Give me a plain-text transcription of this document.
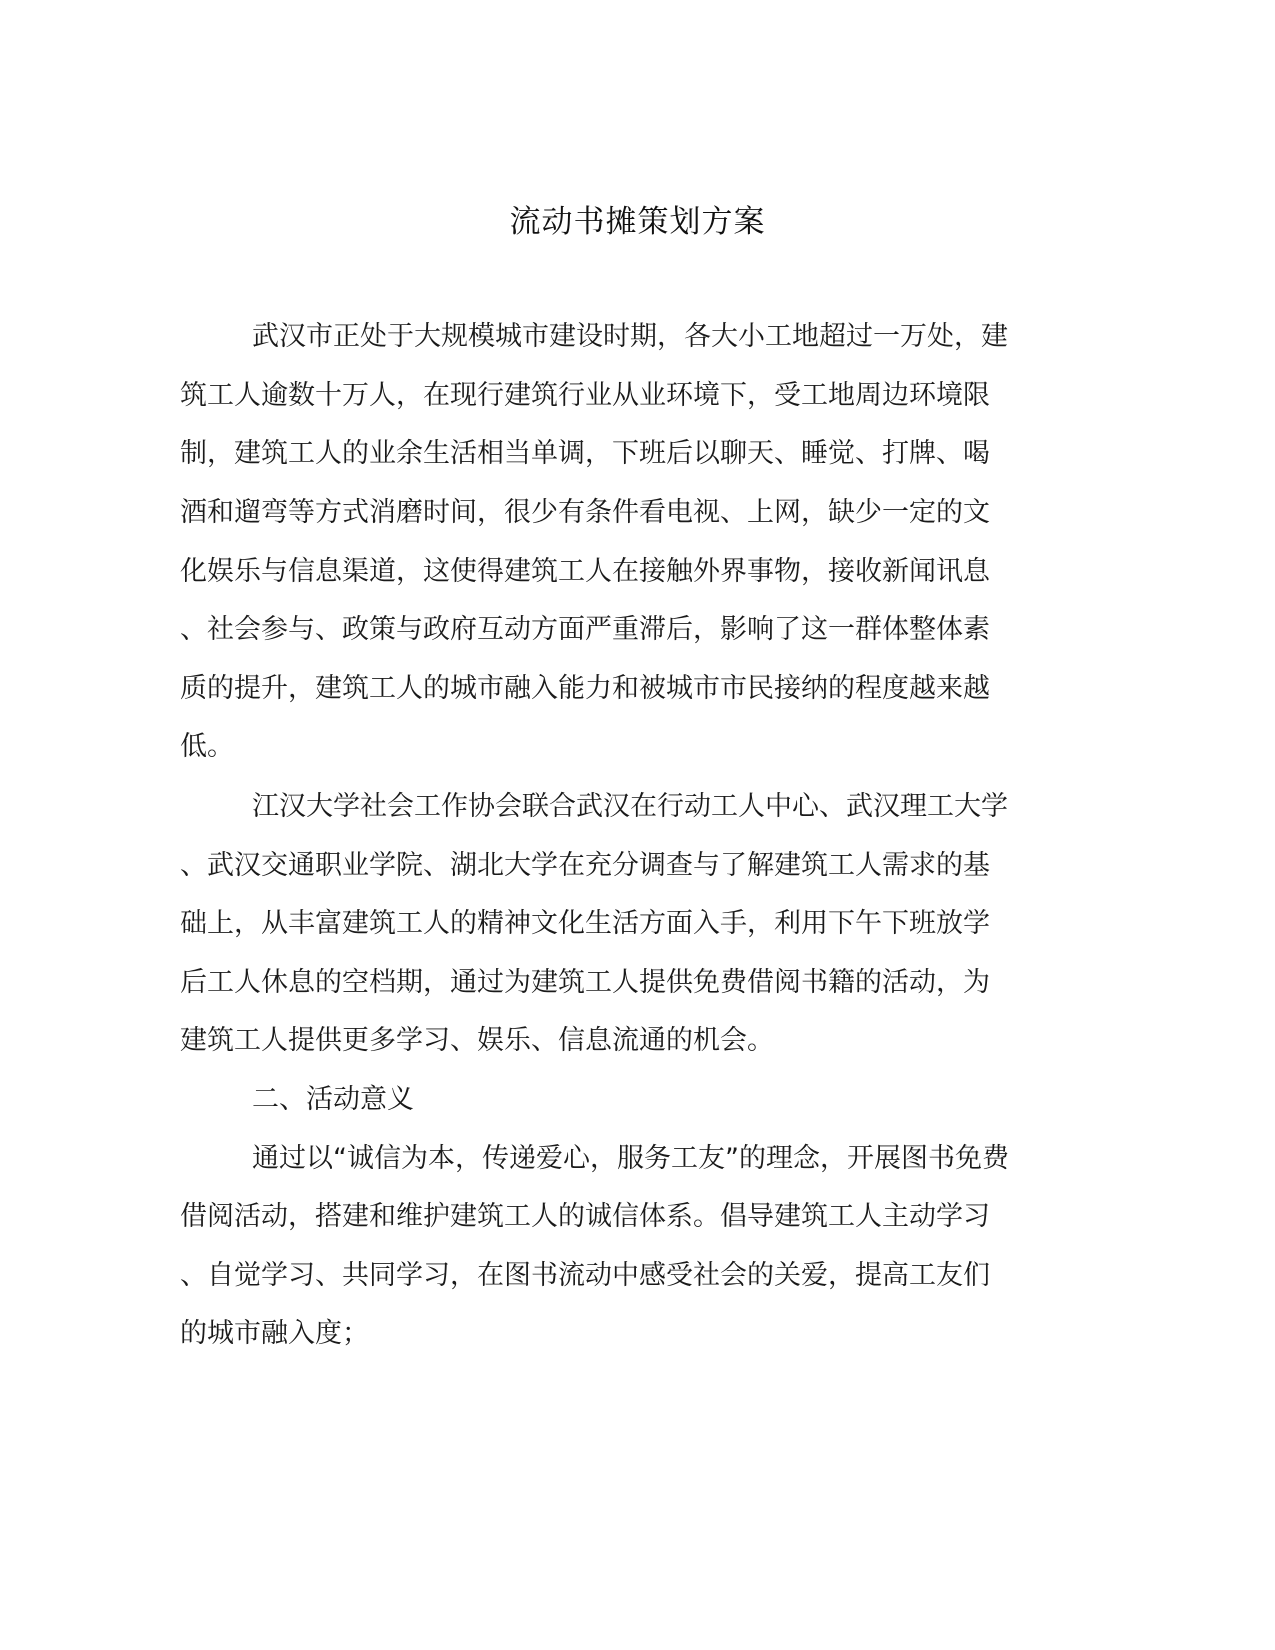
流动书摊策划方案
武汉市正处于大规模城市建设时期，各大小工地超过一万处，建
筑工人逾数十万人，在现行建筑行业从业环境下，受工地周边环境限
制，建筑工人的业余生活相当单调，下班后以聊天、睡觉、打牌、喝
酒和遛弯等方式消磨时间，很少有条件看电视、上网，缺少一定的文
化娱乐与信息渠道，这使得建筑工人在接触外界事物，接收新闻讯息
、社会参与、政策与政府互动方面严重滞后，影响了这一群体整体素
质的提升，建筑工人的城市融入能力和被城市市民接纳的程度越来越
低。
江汉大学社会工作协会联合武汉在行动工人中心、武汉理工大学
、武汉交通职业学院、湖北大学在充分调查与了解建筑工人需求的基
础上，从丰富建筑工人的精神文化生活方面入手，利用下午下班放学
后工人休息的空档期，通过为建筑工人提供免费借阅书籍的活动，为
建筑工人提供更多学习、娱乐、信息流通的机会。
二、活动意义
通过以“诚信为本，传递爱心，服务工友”的理念，开展图书免费
借阅活动，搭建和维护建筑工人的诚信体系。倡导建筑工人主动学习
、自觉学习、共同学习，在图书流动中感受社会的关爱，提高工友们
的城市融入度；
